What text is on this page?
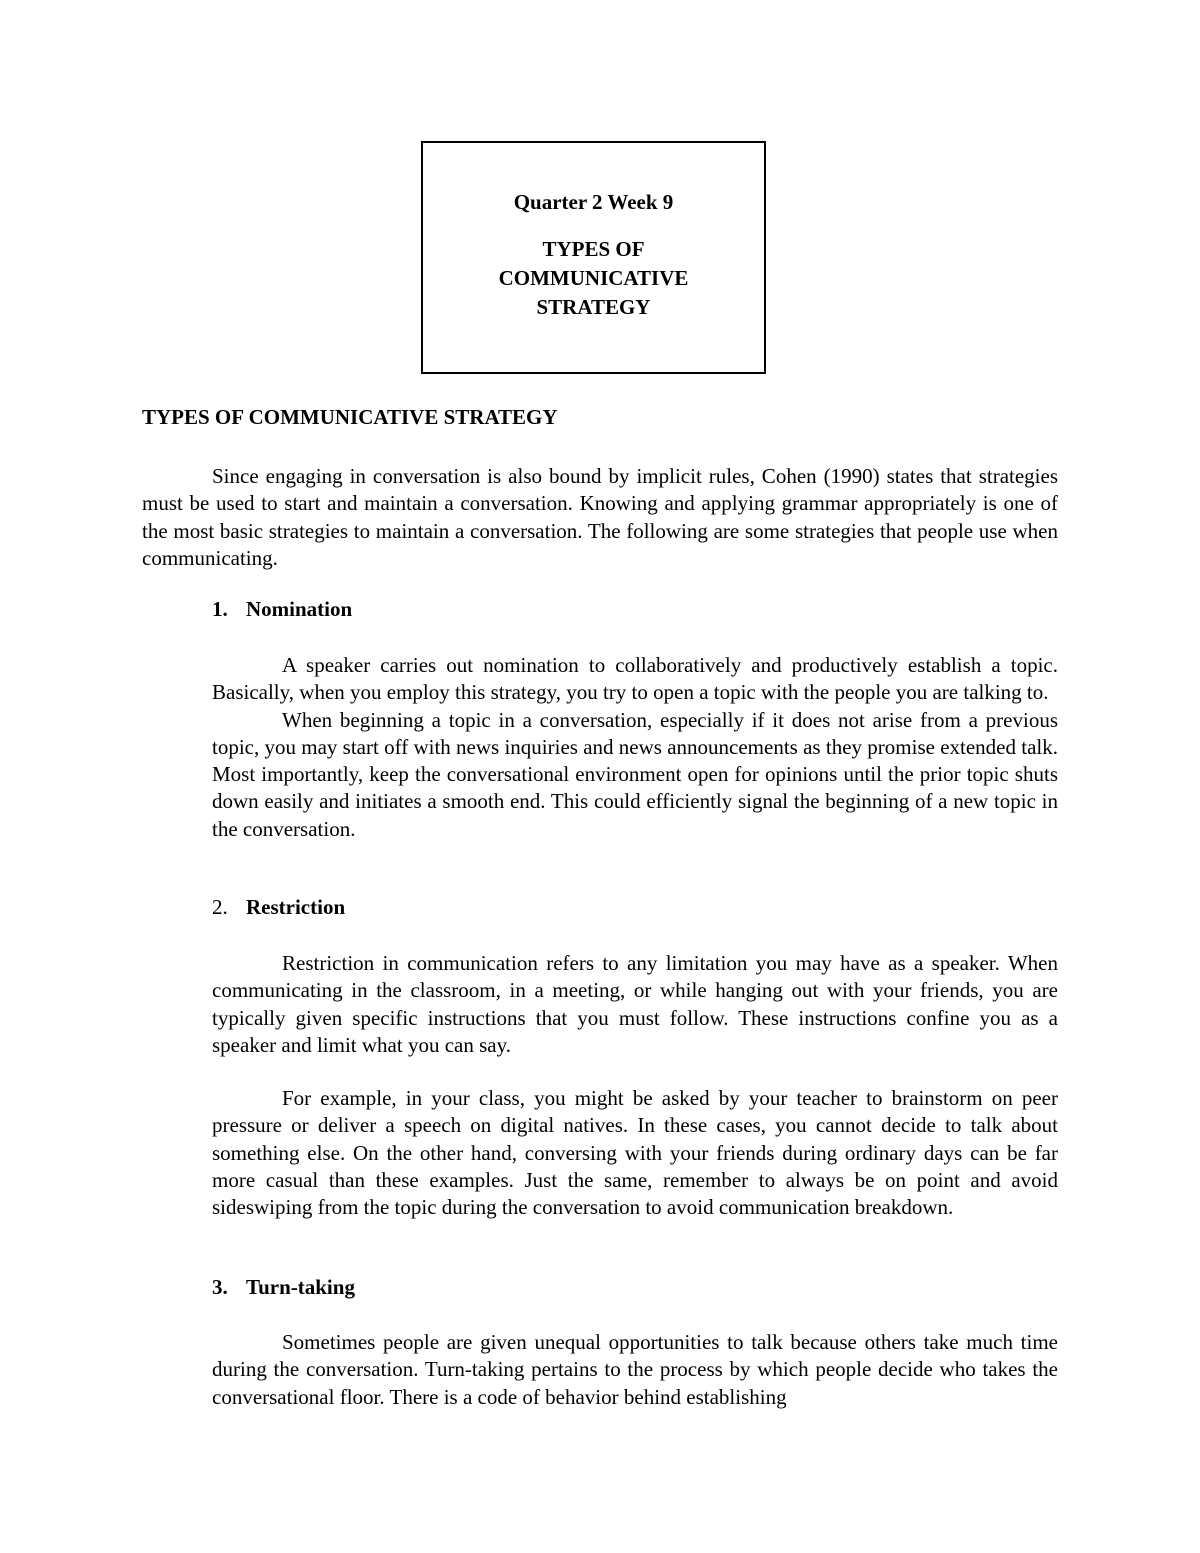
Quarter 2 Week 9
TYPES OF
COMMUNICATIVE
STRATEGY
TYPES OF COMMUNICATIVE STRATEGY

Since engaging in conversation is also bound by implicit rules, Cohen (1990) states that strategies must be used to start and maintain a conversation. Knowing and applying grammar appropriately is one of the most basic strategies to maintain a conversation. The following are some strategies that people use when communicating.

1. Nomination

A speaker carries out nomination to collaboratively and productively establish a topic. Basically, when you employ this strategy, you try to open a topic with the people you are talking to.

When beginning a topic in a conversation, especially if it does not arise from a previous topic, you may start off with news inquiries and news announcements as they promise extended talk. Most importantly, keep the conversational environment open for opinions until the prior topic shuts down easily and initiates a smooth end. This could efficiently signal the beginning of a new topic in the conversation.

2. Restriction

Restriction in communication refers to any limitation you may have as a speaker. When communicating in the classroom, in a meeting, or while hanging out with your friends, you are typically given specific instructions that you must follow. These instructions confine you as a speaker and limit what you can say.

For example, in your class, you might be asked by your teacher to brainstorm on peer pressure or deliver a speech on digital natives. In these cases, you cannot decide to talk about something else. On the other hand, conversing with your friends during ordinary days can be far more casual than these examples. Just the same, remember to always be on point and avoid sideswiping from the topic during the conversation to avoid communication breakdown.

3. Turn-taking

Sometimes people are given unequal opportunities to talk because others take much time during the conversation. Turn-taking pertains to the process by which people decide who takes the conversational floor. There is a code of behavior behind establishing
